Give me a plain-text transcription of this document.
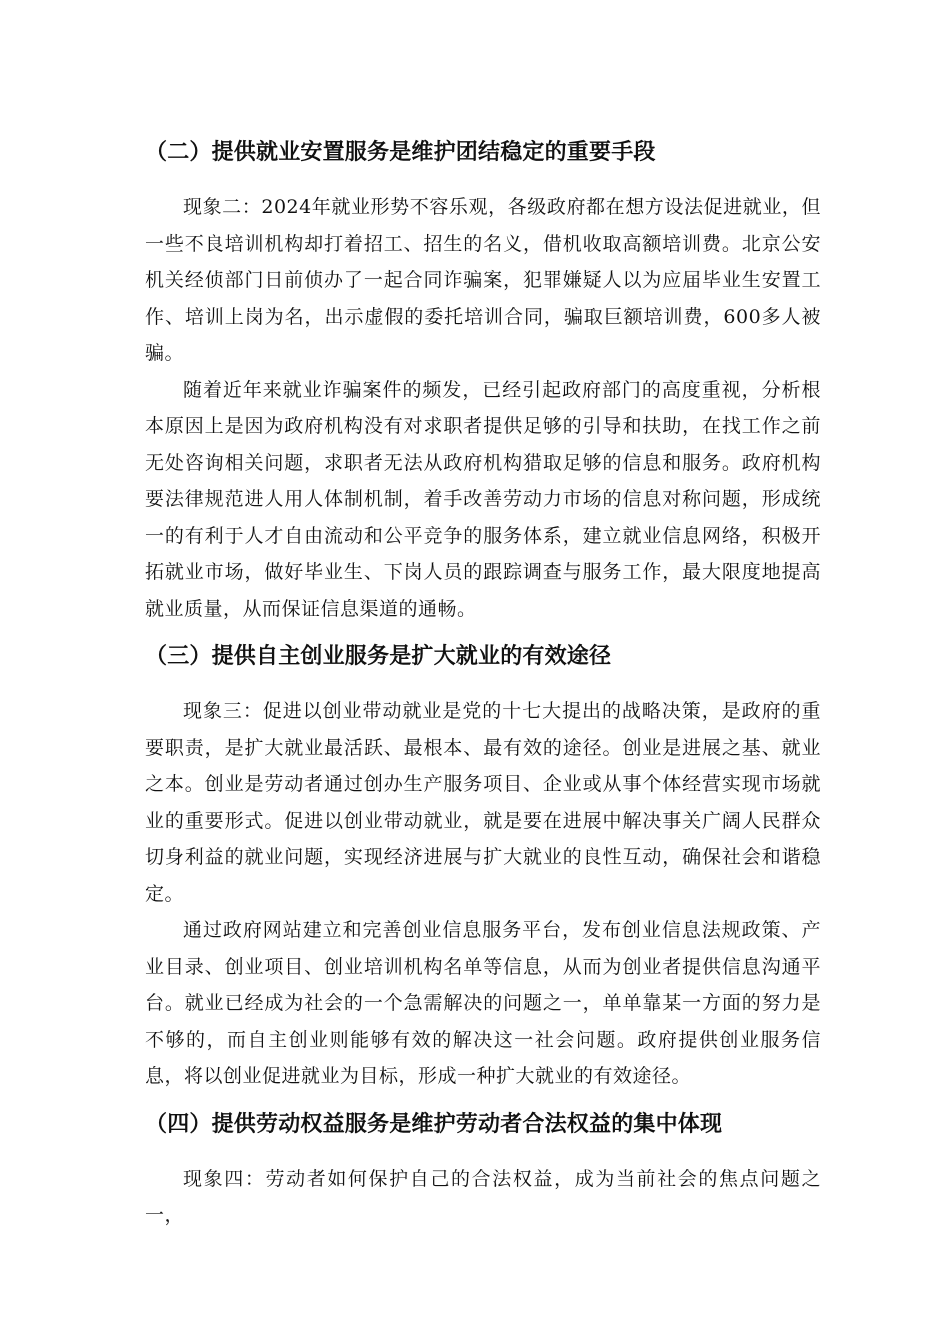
（二）提供就业安置服务是维护团结稳定的重要手段

现象二：2024年就业形势不容乐观，各级政府都在想方设法促进就业，但一些不良培训机构却打着招工、招生的名义，借机收取高额培训费。北京公安机关经侦部门日前侦办了一起合同诈骗案，犯罪嫌疑人以为应届毕业生安置工作、培训上岗为名，出示虚假的委托培训合同，骗取巨额培训费，600多人被骗。

随着近年来就业诈骗案件的频发，已经引起政府部门的高度重视，分析根本原因上是因为政府机构没有对求职者提供足够的引导和扶助，在找工作之前无处咨询相关问题，求职者无法从政府机构猎取足够的信息和服务。政府机构要法律规范进人用人体制机制，着手改善劳动力市场的信息对称问题，形成统一的有利于人才自由流动和公平竞争的服务体系，建立就业信息网络，积极开拓就业市场，做好毕业生、下岗人员的跟踪调查与服务工作，最大限度地提高就业质量，从而保证信息渠道的通畅。

（三）提供自主创业服务是扩大就业的有效途径

现象三：促进以创业带动就业是党的十七大提出的战略决策，是政府的重要职责，是扩大就业最活跃、最根本、最有效的途径。创业是进展之基、就业之本。创业是劳动者通过创办生产服务项目、企业或从事个体经营实现市场就业的重要形式。促进以创业带动就业，就是要在进展中解决事关广阔人民群众切身利益的就业问题，实现经济进展与扩大就业的良性互动，确保社会和谐稳定。

通过政府网站建立和完善创业信息服务平台，发布创业信息法规政策、产业目录、创业项目、创业培训机构名单等信息，从而为创业者提供信息沟通平台。就业已经成为社会的一个急需解决的问题之一，单单靠某一方面的努力是不够的，而自主创业则能够有效的解决这一社会问题。政府提供创业服务信息，将以创业促进就业为目标，形成一种扩大就业的有效途径。

（四）提供劳动权益服务是维护劳动者合法权益的集中体现

现象四：劳动者如何保护自己的合法权益，成为当前社会的焦点问题之一，
